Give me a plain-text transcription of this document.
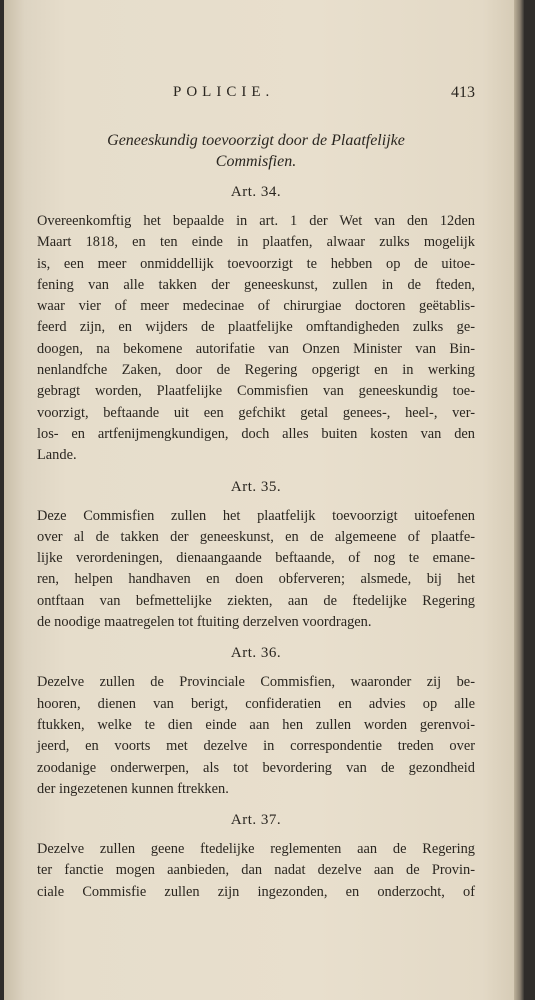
POLICIE.	413
Geneeskundig toevoorzigt door de Plaatfelijke
Commisfien.
Art. 34.
Overeenkomftig het bepaalde in art. 1 der Wet van den 12den
Maart 1818, en ten einde in plaatfen, alwaar zulks mogelijk
is, een meer onmiddellijk toevoorzigt te hebben op de uitoe-
fening van alle takken der geneeskunst, zullen in de fteden,
waar vier of meer medecinae of chirurgiae doctoren geëtablis-
feerd zijn, en wijders de plaatfelijke omftandigheden zulks ge-
doogen, na bekomene autorifatie van Onzen Minister van Bin-
nenlandfche Zaken, door de Regering opgerigt en in werking
gebragt worden, Plaatfelijke Commisfien van geneeskundig toe-
voorzigt, beftaande uit een gefchikt getal genees-, heel-, ver-
los- en artfenijmengkundigen, doch alles buiten kosten van den
Lande.
Art. 35.
Deze Commisfien zullen het plaatfelijk toevoorzigt uitoefenen
over al de takken der geneeskunst, en de algemeene of plaatfe-
lijke verordeningen, dienaangaande beftaande, of nog te emane-
ren, helpen handhaven en doen obferveren; alsmede, bij het
ontftaan van befmettelijke ziekten, aan de ftedelijke Regering
de noodige maatregelen tot ftuiting derzelven voordragen.
Art. 36.
Dezelve zullen de Provinciale Commisfien, waaronder zij be-
hooren, dienen van berigt, confideratien en advies op alle
ftukken, welke te dien einde aan hen zullen worden gerenvoi-
jeerd, en voorts met dezelve in correspondentie treden over
zoodanige onderwerpen, als tot bevordering van de gezondheid
der ingezetenen kunnen ftrekken.
Art. 37.
Dezelve zullen geene ftedelijke reglementen aan de Regering
ter fanctie mogen aanbieden, dan nadat dezelve aan de Provin-
ciale Commisfie zullen zijn ingezonden, en onderzocht, of
